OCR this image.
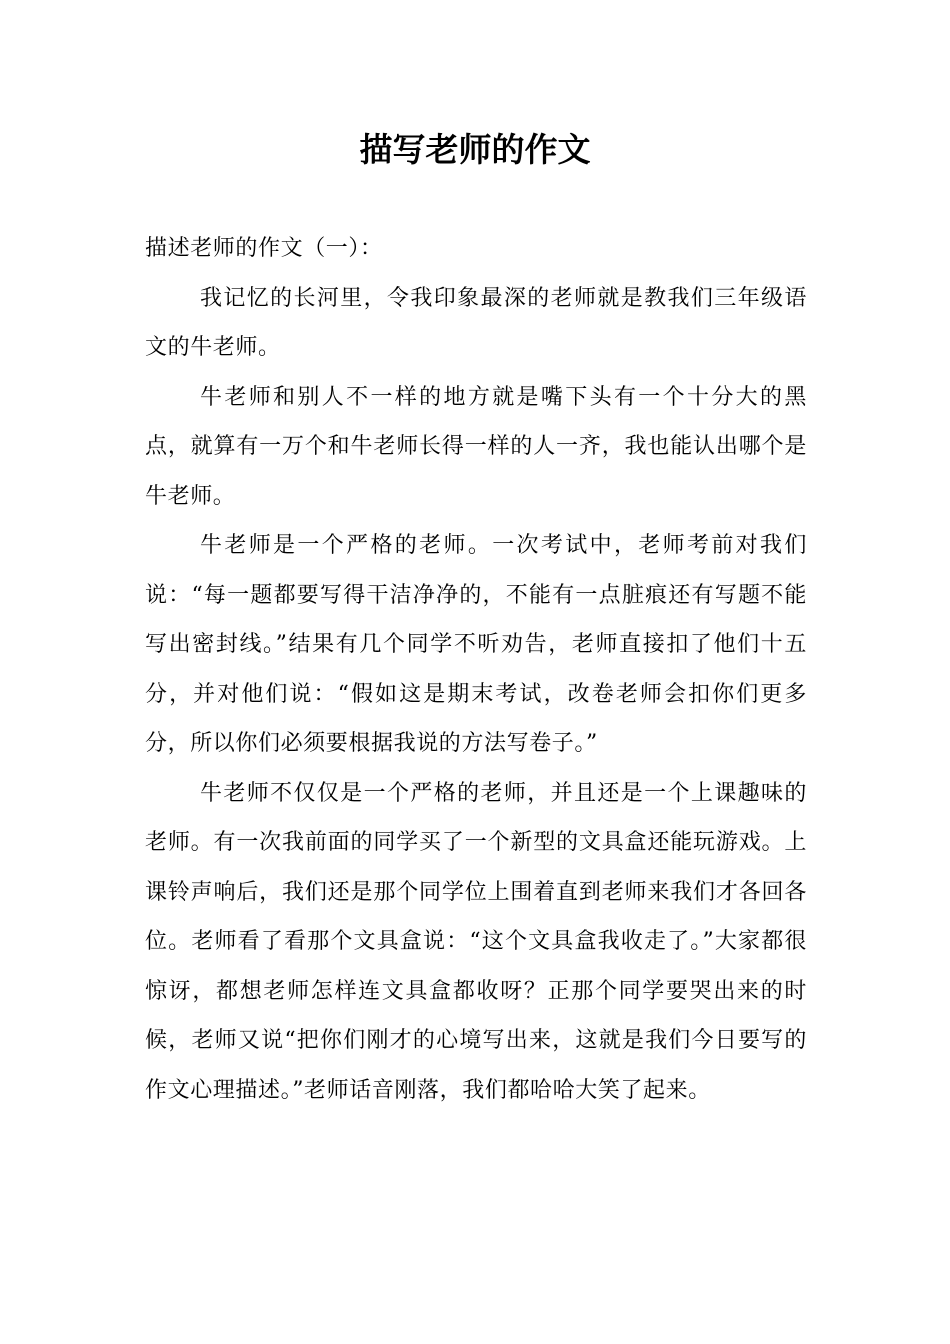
描写老师的作文

描述老师的作文（一）：

我记忆的长河里，令我印象最深的老师就是教我们三年级语文的牛老师。

牛老师和别人不一样的地方就是嘴下头有一个十分大的黑点，就算有一万个和牛老师长得一样的人一齐，我也能认出哪个是牛老师。

牛老师是一个严格的老师。一次考试中，老师考前对我们说：“每一题都要写得干洁净净的，不能有一点脏痕还有写题不能写出密封线。”结果有几个同学不听劝告，老师直接扣了他们十五分，并对他们说：“假如这是期末考试，改卷老师会扣你们更多分，所以你们必须要根据我说的方法写卷子。”

牛老师不仅仅是一个严格的老师，并且还是一个上课趣味的老师。有一次我前面的同学买了一个新型的文具盒还能玩游戏。上课铃声响后，我们还是那个同学位上围着直到老师来我们才各回各位。老师看了看那个文具盒说：“这个文具盒我收走了。”大家都很惊讶，都想老师怎样连文具盒都收呀？正那个同学要哭出来的时候，老师又说“把你们刚才的心境写出来，这就是我们今日要写的作文心理描述。”老师话音刚落，我们都哈哈大笑了起来。
